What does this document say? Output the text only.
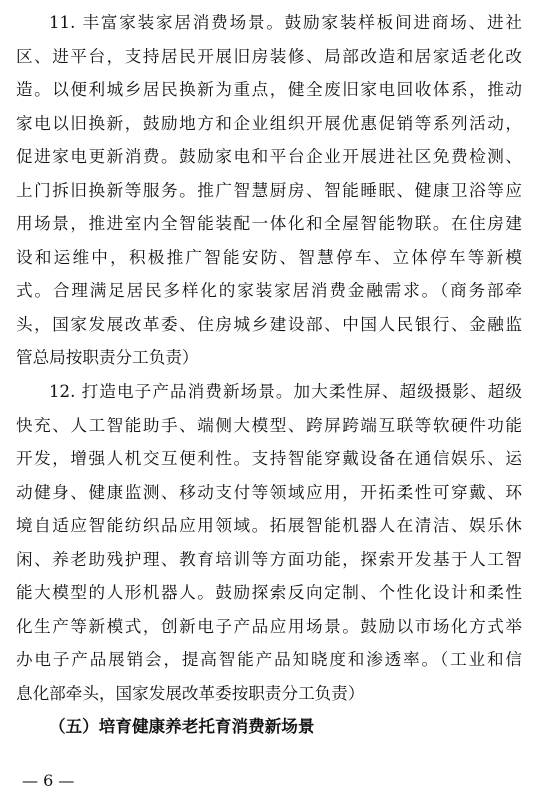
11. 丰富家装家居消费场景。鼓励家装样板间进商场、进社
区、进平台，支持居民开展旧房装修、局部改造和居家适老化改
造。以便利城乡居民换新为重点，健全废旧家电回收体系，推动
家电以旧换新，鼓励地方和企业组织开展优惠促销等系列活动，
促进家电更新消费。鼓励家电和平台企业开展进社区免费检测、
上门拆旧换新等服务。推广智慧厨房、智能睡眠、健康卫浴等应
用场景，推进室内全智能装配一体化和全屋智能物联。在住房建
设和运维中，积极推广智能安防、智慧停车、立体停车等新模
式。合理满足居民多样化的家装家居消费金融需求。（商务部牵
头，国家发展改革委、住房城乡建设部、中国人民银行、金融监
管总局按职责分工负责）
12. 打造电子产品消费新场景。加大柔性屏、超级摄影、超级
快充、人工智能助手、端侧大模型、跨屏跨端互联等软硬件功能
开发，增强人机交互便利性。支持智能穿戴设备在通信娱乐、运
动健身、健康监测、移动支付等领域应用，开拓柔性可穿戴、环
境自适应智能纺织品应用领域。拓展智能机器人在清洁、娱乐休
闲、养老助残护理、教育培训等方面功能，探索开发基于人工智
能大模型的人形机器人。鼓励探索反向定制、个性化设计和柔性
化生产等新模式，创新电子产品应用场景。鼓励以市场化方式举
办电子产品展销会，提高智能产品知晓度和渗透率。（工业和信
息化部牵头，国家发展改革委按职责分工负责）
（五）培育健康养老托育消费新场景
— 6 —
